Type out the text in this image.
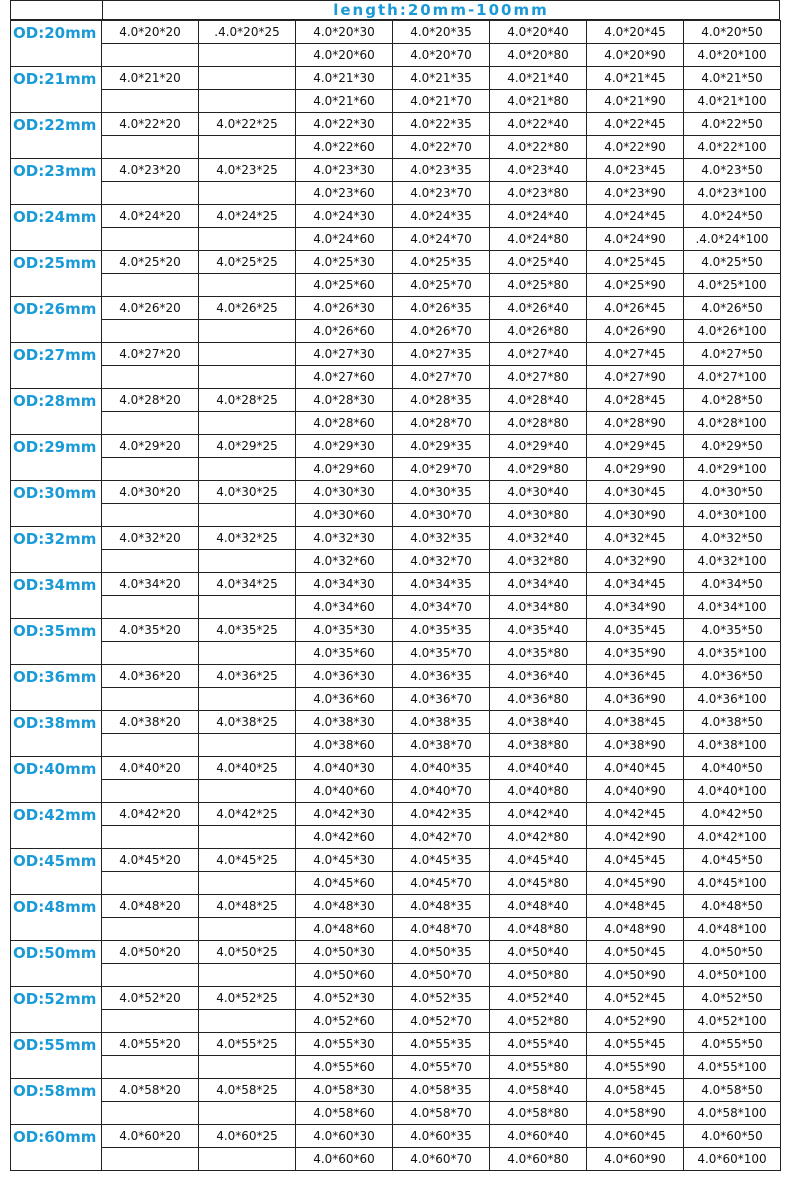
length:20mm-100mm
OD:20mm	4.0*20*20	.4.0*20*25	4.0*20*30	4.0*20*35	4.0*20*40	4.0*20*45	4.0*20*50
			4.0*20*60	4.0*20*70	4.0*20*80	4.0*20*90	4.0*20*100
OD:21mm	4.0*21*20		4.0*21*30	4.0*21*35	4.0*21*40	4.0*21*45	4.0*21*50
			4.0*21*60	4.0*21*70	4.0*21*80	4.0*21*90	4.0*21*100
OD:22mm	4.0*22*20	4.0*22*25	4.0*22*30	4.0*22*35	4.0*22*40	4.0*22*45	4.0*22*50
			4.0*22*60	4.0*22*70	4.0*22*80	4.0*22*90	4.0*22*100
OD:23mm	4.0*23*20	4.0*23*25	4.0*23*30	4.0*23*35	4.0*23*40	4.0*23*45	4.0*23*50
			4.0*23*60	4.0*23*70	4.0*23*80	4.0*23*90	4.0*23*100
OD:24mm	4.0*24*20	4.0*24*25	4.0*24*30	4.0*24*35	4.0*24*40	4.0*24*45	4.0*24*50
			4.0*24*60	4.0*24*70	4.0*24*80	4.0*24*90	.4.0*24*100
OD:25mm	4.0*25*20	4.0*25*25	4.0*25*30	4.0*25*35	4.0*25*40	4.0*25*45	4.0*25*50
			4.0*25*60	4.0*25*70	4.0*25*80	4.0*25*90	4.0*25*100
OD:26mm	4.0*26*20	4.0*26*25	4.0*26*30	4.0*26*35	4.0*26*40	4.0*26*45	4.0*26*50
			4.0*26*60	4.0*26*70	4.0*26*80	4.0*26*90	4.0*26*100
OD:27mm	4.0*27*20		4.0*27*30	4.0*27*35	4.0*27*40	4.0*27*45	4.0*27*50
			4.0*27*60	4.0*27*70	4.0*27*80	4.0*27*90	4.0*27*100
OD:28mm	4.0*28*20	4.0*28*25	4.0*28*30	4.0*28*35	4.0*28*40	4.0*28*45	4.0*28*50
			4.0*28*60	4.0*28*70	4.0*28*80	4.0*28*90	4.0*28*100
OD:29mm	4.0*29*20	4.0*29*25	4.0*29*30	4.0*29*35	4.0*29*40	4.0*29*45	4.0*29*50
			4.0*29*60	4.0*29*70	4.0*29*80	4.0*29*90	4.0*29*100
OD:30mm	4.0*30*20	4.0*30*25	4.0*30*30	4.0*30*35	4.0*30*40	4.0*30*45	4.0*30*50
			4.0*30*60	4.0*30*70	4.0*30*80	4.0*30*90	4.0*30*100
OD:32mm	4.0*32*20	4.0*32*25	4.0*32*30	4.0*32*35	4.0*32*40	4.0*32*45	4.0*32*50
			4.0*32*60	4.0*32*70	4.0*32*80	4.0*32*90	4.0*32*100
OD:34mm	4.0*34*20	4.0*34*25	4.0*34*30	4.0*34*35	4.0*34*40	4.0*34*45	4.0*34*50
			4.0*34*60	4.0*34*70	4.0*34*80	4.0*34*90	4.0*34*100
OD:35mm	4.0*35*20	4.0*35*25	4.0*35*30	4.0*35*35	4.0*35*40	4.0*35*45	4.0*35*50
			4.0*35*60	4.0*35*70	4.0*35*80	4.0*35*90	4.0*35*100
OD:36mm	4.0*36*20	4.0*36*25	4.0*36*30	4.0*36*35	4.0*36*40	4.0*36*45	4.0*36*50
			4.0*36*60	4.0*36*70	4.0*36*80	4.0*36*90	4.0*36*100
OD:38mm	4.0*38*20	4.0*38*25	4.0*38*30	4.0*38*35	4.0*38*40	4.0*38*45	4.0*38*50
			4.0*38*60	4.0*38*70	4.0*38*80	4.0*38*90	4.0*38*100
OD:40mm	4.0*40*20	4.0*40*25	4.0*40*30	4.0*40*35	4.0*40*40	4.0*40*45	4.0*40*50
			4.0*40*60	4.0*40*70	4.0*40*80	4.0*40*90	4.0*40*100
OD:42mm	4.0*42*20	4.0*42*25	4.0*42*30	4.0*42*35	4.0*42*40	4.0*42*45	4.0*42*50
			4.0*42*60	4.0*42*70	4.0*42*80	4.0*42*90	4.0*42*100
OD:45mm	4.0*45*20	4.0*45*25	4.0*45*30	4.0*45*35	4.0*45*40	4.0*45*45	4.0*45*50
			4.0*45*60	4.0*45*70	4.0*45*80	4.0*45*90	4.0*45*100
OD:48mm	4.0*48*20	4.0*48*25	4.0*48*30	4.0*48*35	4.0*48*40	4.0*48*45	4.0*48*50
			4.0*48*60	4.0*48*70	4.0*48*80	4.0*48*90	4.0*48*100
OD:50mm	4.0*50*20	4.0*50*25	4.0*50*30	4.0*50*35	4.0*50*40	4.0*50*45	4.0*50*50
			4.0*50*60	4.0*50*70	4.0*50*80	4.0*50*90	4.0*50*100
OD:52mm	4.0*52*20	4.0*52*25	4.0*52*30	4.0*52*35	4.0*52*40	4.0*52*45	4.0*52*50
			4.0*52*60	4.0*52*70	4.0*52*80	4.0*52*90	4.0*52*100
OD:55mm	4.0*55*20	4.0*55*25	4.0*55*30	4.0*55*35	4.0*55*40	4.0*55*45	4.0*55*50
			4.0*55*60	4.0*55*70	4.0*55*80	4.0*55*90	4.0*55*100
OD:58mm	4.0*58*20	4.0*58*25	4.0*58*30	4.0*58*35	4.0*58*40	4.0*58*45	4.0*58*50
			4.0*58*60	4.0*58*70	4.0*58*80	4.0*58*90	4.0*58*100
OD:60mm	4.0*60*20	4.0*60*25	4.0*60*30	4.0*60*35	4.0*60*40	4.0*60*45	4.0*60*50
			4.0*60*60	4.0*60*70	4.0*60*80	4.0*60*90	4.0*60*100
